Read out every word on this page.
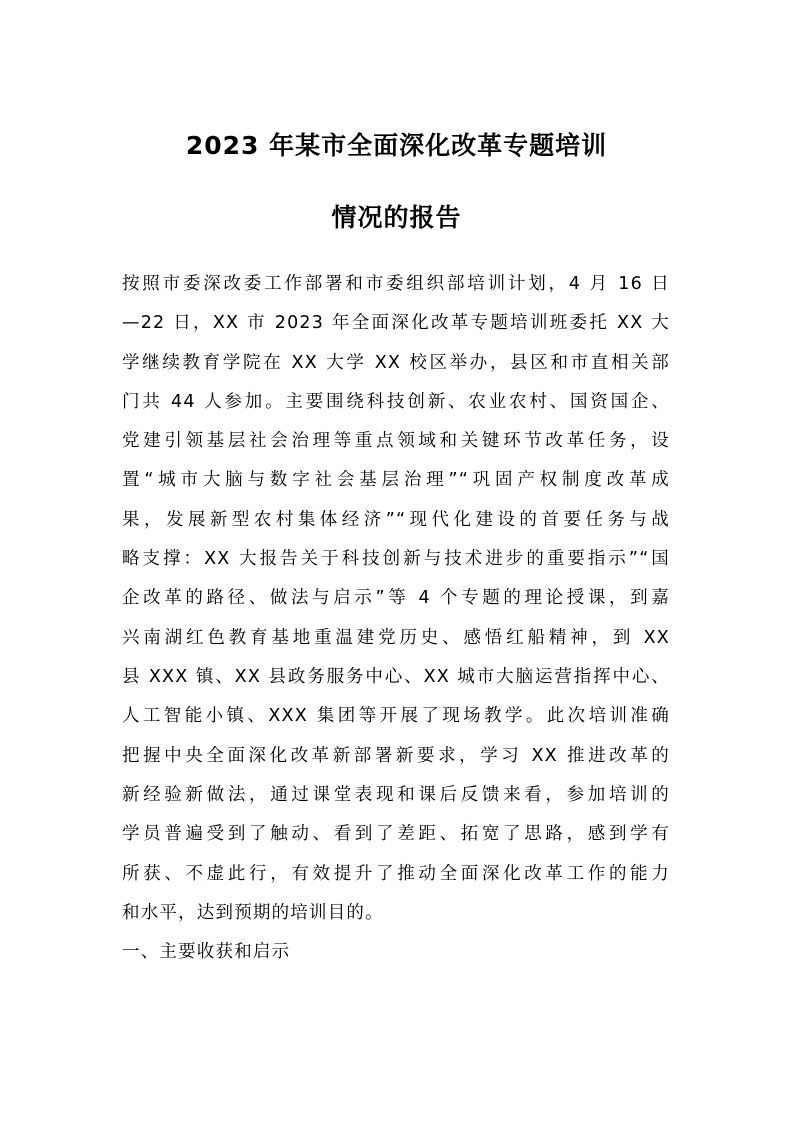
2023 年某市全面深化改革专题培训
情况的报告
按照市委深改委工作部署和市委组织部培训计划，4 月 16 日
—22 日，XX 市 2023 年全面深化改革专题培训班委托 XX 大
学继续教育学院在 XX 大学 XX 校区举办，县区和市直相关部
门共 44 人参加。主要围绕科技创新、农业农村、国资国企、
党建引领基层社会治理等重点领域和关键环节改革任务，设
置“城市大脑与数字社会基层治理”“巩固产权制度改革成
果，发展新型农村集体经济”“现代化建设的首要任务与战
略支撑：XX 大报告关于科技创新与技术进步的重要指示”“国
企改革的路径、做法与启示”等 4 个专题的理论授课，到嘉
兴南湖红色教育基地重温建党历史、感悟红船精神，到 XX
县 XXX 镇、XX 县政务服务中心、XX 城市大脑运营指挥中心、
人工智能小镇、XXX 集团等开展了现场教学。此次培训准确
把握中央全面深化改革新部署新要求，学习 XX 推进改革的
新经验新做法，通过课堂表现和课后反馈来看，参加培训的
学员普遍受到了触动、看到了差距、拓宽了思路，感到学有
所获、不虚此行，有效提升了推动全面深化改革工作的能力
和水平，达到预期的培训目的。
一、主要收获和启示
